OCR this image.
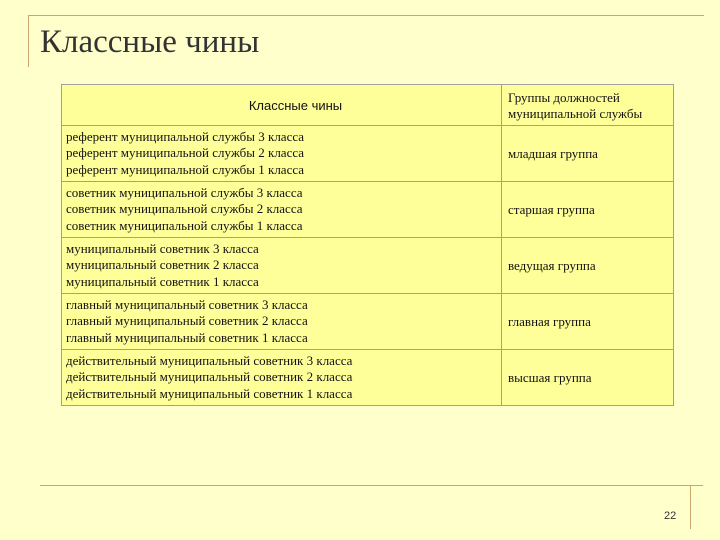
Классные чины
Классные чины	Группы должностей
муниципальной службы

референт муниципальной службы 3 класса
референт муниципальной службы 2 класса
референт муниципальной службы 1 класса	младшая группа

советник муниципальной службы 3 класса
советник муниципальной службы 2 класса
советник муниципальной службы 1 класса	старшая группа

муниципальный советник 3 класса
муниципальный советник 2 класса
муниципальный советник 1 класса	ведущая группа

главный муниципальный советник 3 класса
главный муниципальный советник 2 класса
главный муниципальный советник 1 класса	главная группа

действительный муниципальный советник 3 класса
действительный муниципальный советник 2 класса
действительный муниципальный советник 1 класса	высшая группа
22
